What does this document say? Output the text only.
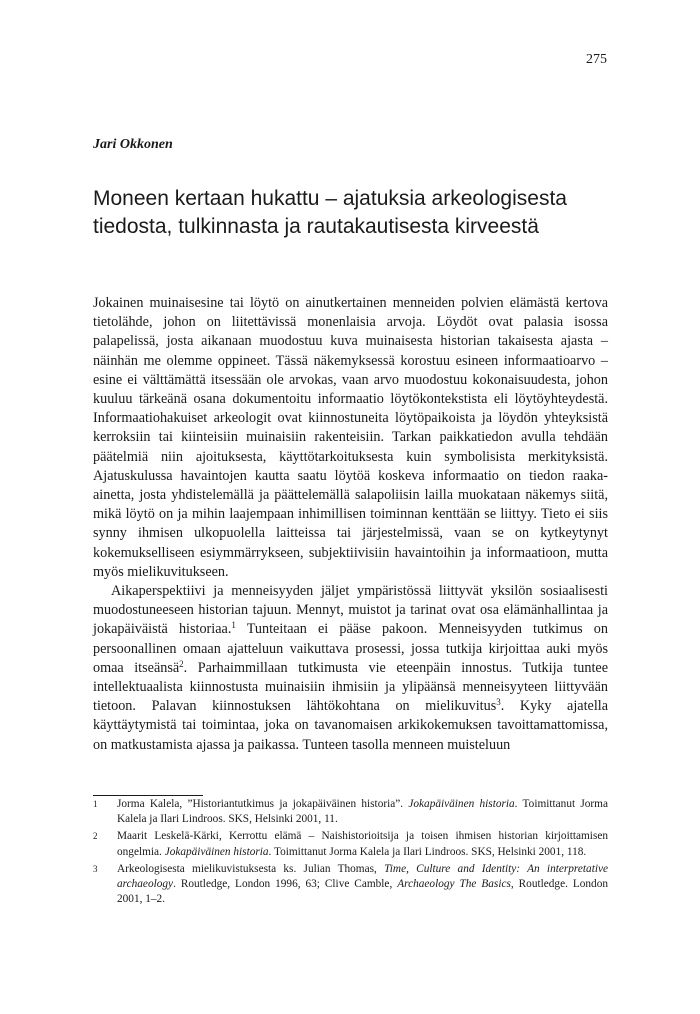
275
Jari Okkonen
Moneen kertaan hukattu – ajatuksia arkeologisesta tiedosta, tulkinnasta ja rautakautisesta kirveestä

Jokainen muinaisesine tai löytö on ainutkertainen menneiden polvien elämästä kertova tietolähde, johon on liitettävissä monenlaisia arvoja. Löydöt ovat palasia isossa palapelissä, josta aikanaan muodostuu kuva muinaisesta historian takaisesta ajasta – näinhän me olemme oppineet. Tässä näkemyksessä korostuu esineen informaatioarvo – esine ei välttämättä itsessään ole arvokas, vaan arvo muodostuu kokonaisuudesta, johon kuuluu tärkeänä osana dokumentoitu informaatio löytökontekstista eli löytöyhteydestä. Informaatiohakuiset arkeologit ovat kiinnostuneita löytöpaikoista ja löydön yhteyksistä kerroksiin tai kiinteisiin muinaisiin rakenteisiin. Tarkan paikkatiedon avulla tehdään päätelmiä niin ajoituksesta, käyttötarkoituksesta kuin symbolisista merkityksistä. Ajatuskulussa havaintojen kautta saatu löytöä koskeva informaatio on tiedon raaka-ainetta, josta yhdistelemällä ja päättelemällä salapoliisin lailla muokataan näkemys siitä, mikä löytö on ja mihin laajempaan inhimillisen toiminnan kenttään se liittyy. Tieto ei siis synny ihmisen ulkopuolella laitteissa tai järjestelmissä, vaan se on kytkeytynyt kokemukselliseen esiymmärrykseen, subjektiivisiin havaintoihin ja informaatioon, mutta myös mielikuvitukseen.

Aikaperspektiivi ja menneisyyden jäljet ympäristössä liittyvät yksilön sosiaalisesti muodostuneeseen historian tajuun. Mennyt, muistot ja tarinat ovat osa elämänhallintaa ja jokapäiväistä historiaa.$^1$ Tunteitaan ei pääse pakoon. Menneisyyden tutkimus on persoonallinen omaan ajatteluun vaikuttava prosessi, jossa tutkija kirjoittaa auki myös omaa itseänsä$^2$. Parhaimmillaan tutkimusta vie eteenpäin innostus. Tutkija tuntee intellektuaalista kiinnostusta muinaisiin ihmisiin ja ylipäänsä menneisyyteen liittyvään tietoon. Palavan kiinnostuksen lähtökohtana on mielikuvitus$^3$. Kyky ajatella käyttäytymistä tai toimintaa, joka on tavanomaisen arkikokemuksen tavoittamattomissa, on matkustamista ajassa ja paikassa. Tunteen tasolla menneen muisteluun

1	Jorma Kalela, ”Historiantutkimus ja jokapäiväinen historia”. Jokapäiväinen historia. Toimittanut Jorma Kalela ja Ilari Lindroos. SKS, Helsinki 2001, 11.
2	Maarit Leskelä-Kärki, Kerrottu elämä – Naishistorioitsija ja toisen ihmisen historian kirjoittamisen ongelmia. Jokapäiväinen historia. Toimittanut Jorma Kalela ja Ilari Lindroos. SKS, Helsinki 2001, 118.
3	Arkeologisesta mielikuvistuksesta ks. Julian Thomas, Time, Culture and Identity: An interpretative archaeology. Routledge, London 1996, 63; Clive Camble, Archaeology The Basics, Routledge. London 2001, 1–2.
